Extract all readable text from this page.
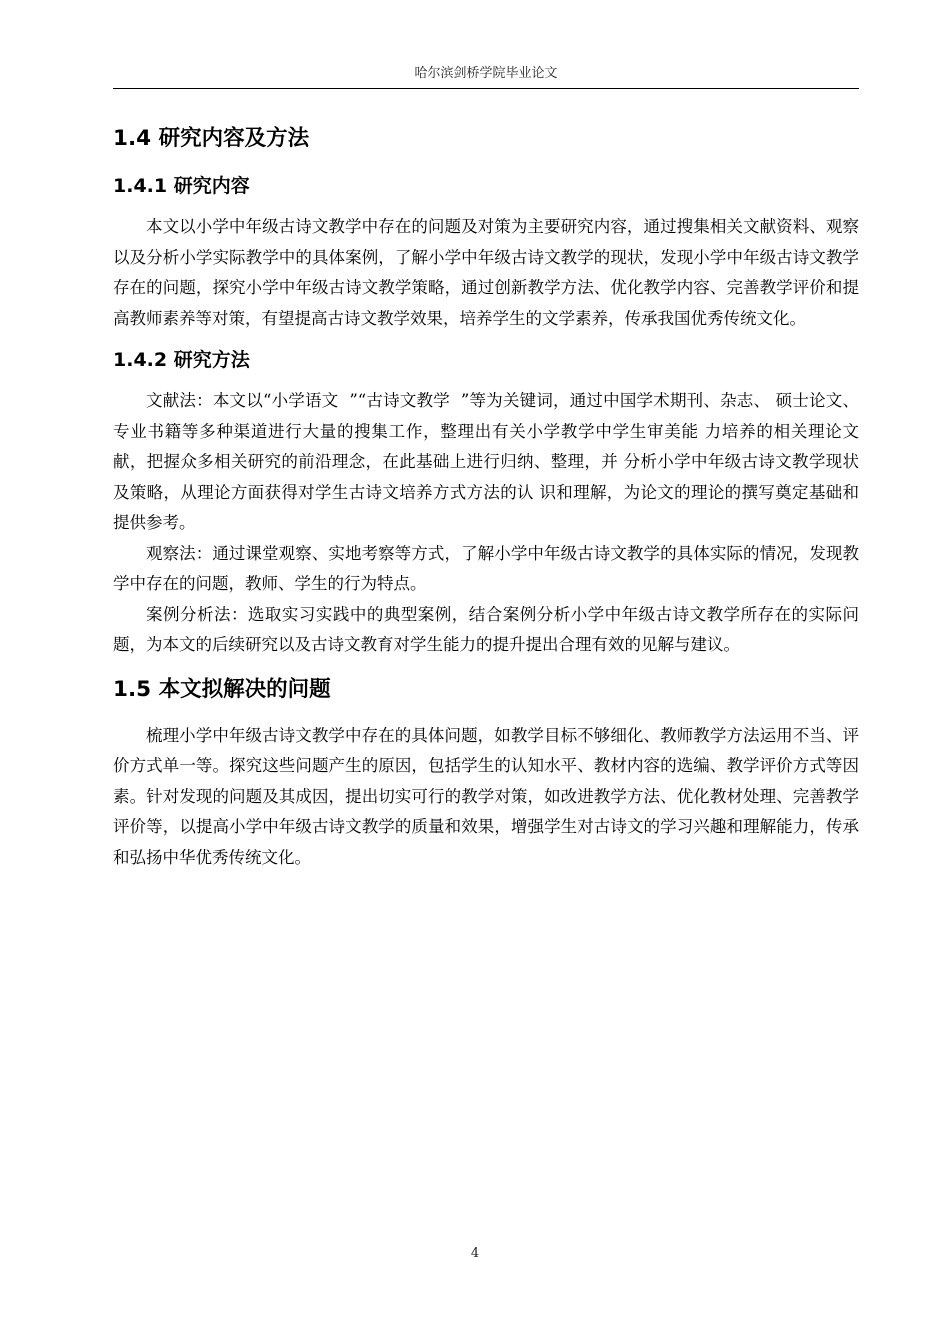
哈尔滨剑桥学院毕业论文
1.4 研究内容及方法
1.4.1 研究内容

本文以小学中年级古诗文教学中存在的问题及对策为主要研究内容，通过搜集相关文献资料、观察以及分析小学实际教学中的具体案例，了解小学中年级古诗文教学的现状，发现小学中年级古诗文教学存在的问题，探究小学中年级古诗文教学策略，通过创新教学方法、优化教学内容、完善教学评价和提高教师素养等对策，有望提高古诗文教学效果，培养学生的文学素养，传承我国优秀传统文化。

1.4.2 研究方法

文献法：本文以“小学语文  ”“古诗文教学  ”等为关键词，通过中国学术期刊、杂志、 硕士论文、专业书籍等多种渠道进行大量的搜集工作，整理出有关小学教学中学生审美能 力培养的相关理论文献，把握众多相关研究的前沿理念，在此基础上进行归纳、整理，并 分析小学中年级古诗文教学现状及策略，从理论方面获得对学生古诗文培养方式方法的认 识和理解，为论文的理论的撰写奠定基础和提供参考。

观察法：通过课堂观察、实地考察等方式，了解小学中年级古诗文教学的具体实际的情况，发现教学中存在的问题，教师、学生的行为特点。

案例分析法：选取实习实践中的典型案例，结合案例分析小学中年级古诗文教学所存在的实际问题，为本文的后续研究以及古诗文教育对学生能力的提升提出合理有效的见解与建议。

1.5 本文拟解决的问题

梳理小学中年级古诗文教学中存在的具体问题，如教学目标不够细化、教师教学方法运用不当、评价方式单一等。探究这些问题产生的原因，包括学生的认知水平、教材内容的选编、教学评价方式等因素。针对发现的问题及其成因，提出切实可行的教学对策，如改进教学方法、优化教材处理、完善教学评价等，以提高小学中年级古诗文教学的质量和效果，增强学生对古诗文的学习兴趣和理解能力，传承和弘扬中华优秀传统文化。

4
